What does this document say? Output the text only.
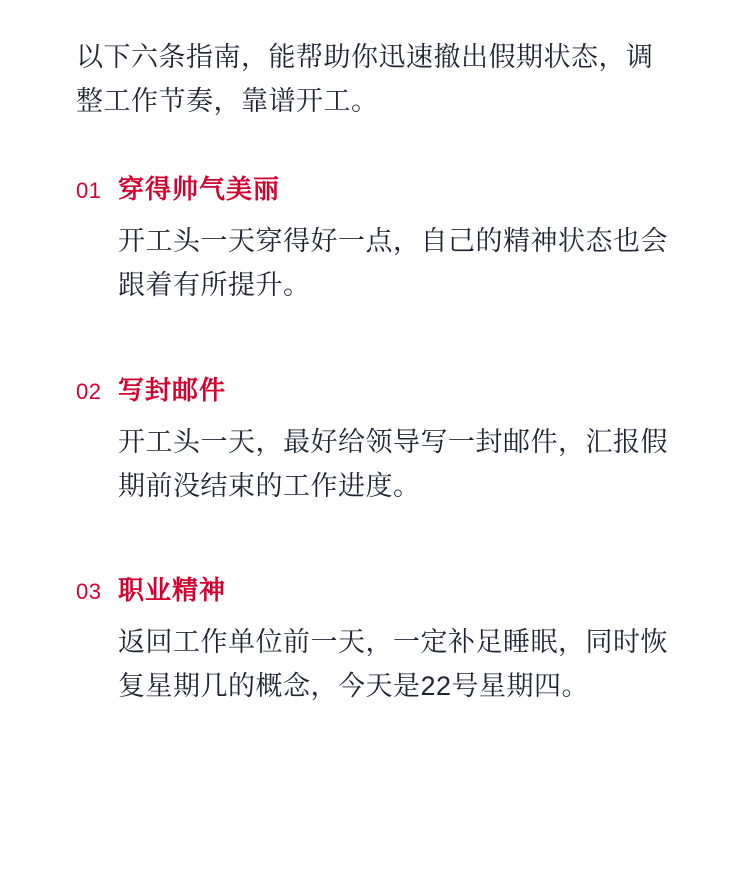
以下六条指南，能帮助你迅速撤出假期状态，调整工作节奏，靠谱开工。

01 穿得帅气美丽

开工头一天穿得好一点，自己的精神状态也会跟着有所提升。

02 写封邮件

开工头一天，最好给领导写一封邮件，汇报假期前没结束的工作进度。

03 职业精神

返回工作单位前一天，一定补足睡眠，同时恢复星期几的概念，今天是22号星期四。
